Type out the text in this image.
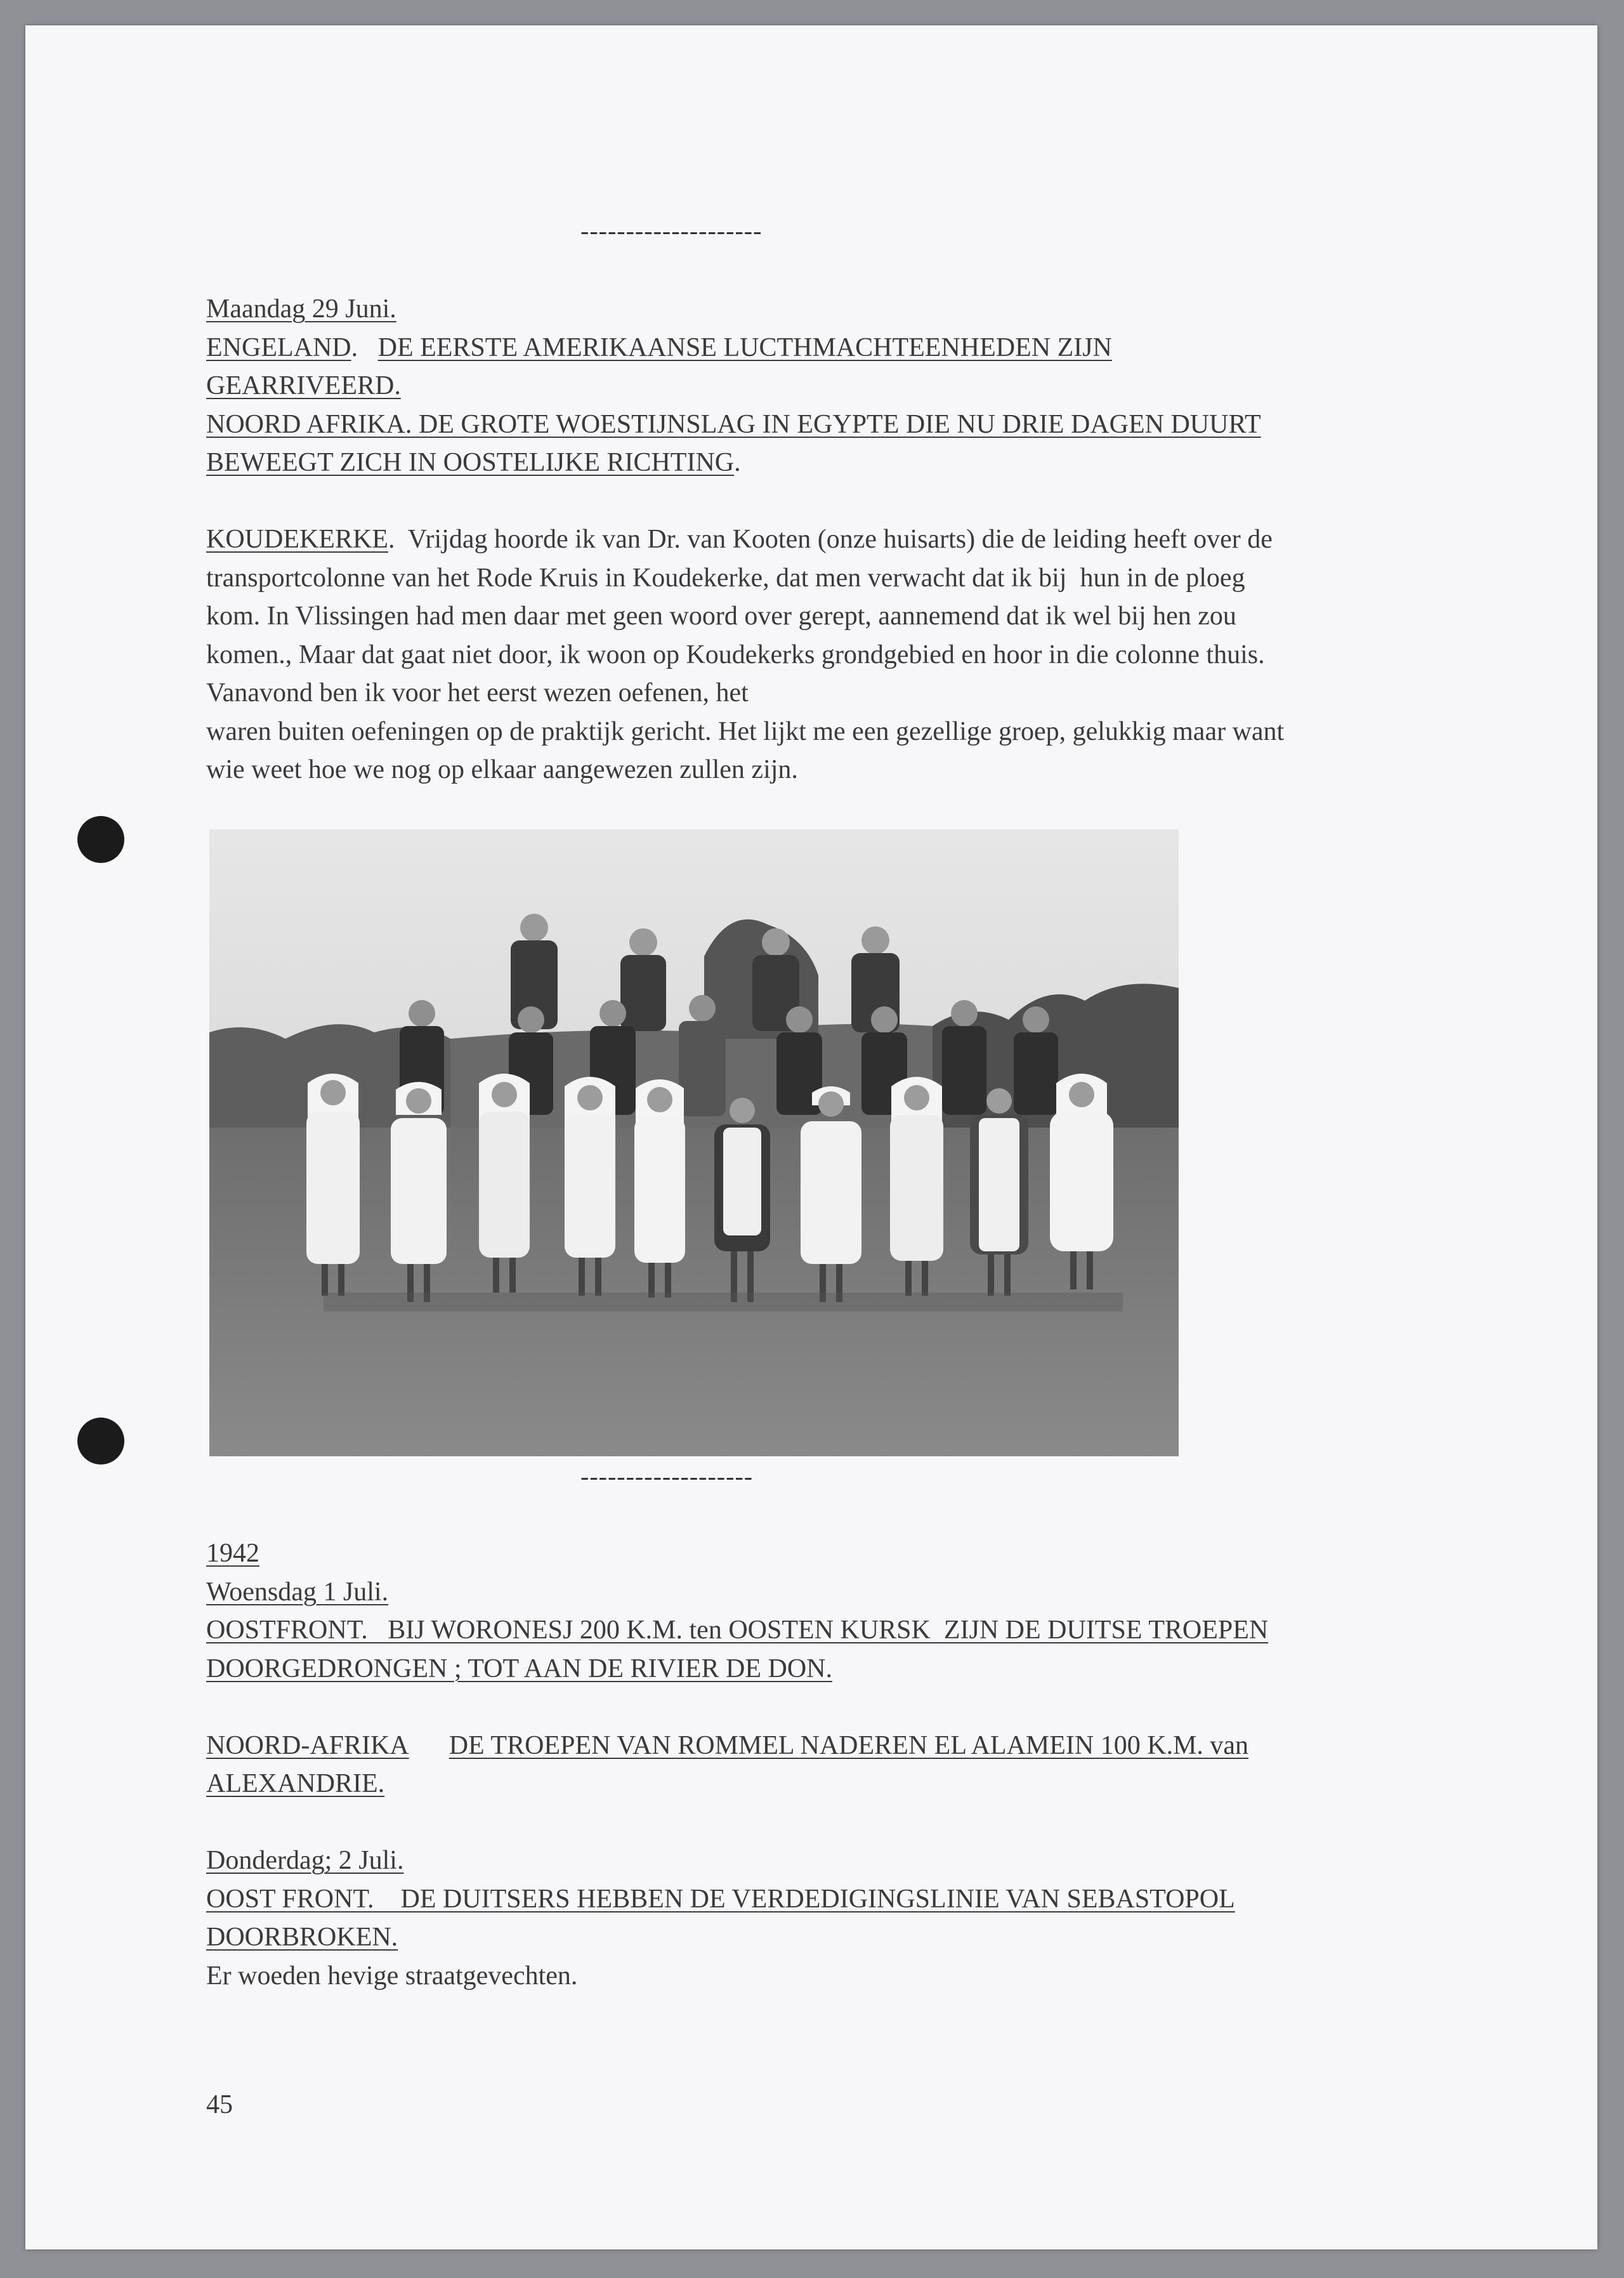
--------------------

Maandag 29 Juni.

ENGELAND.   DE EERSTE AMERIKAANSE LUCTHMACHTEENHEDEN ZIJN

GEARRIVEERD.

NOORD AFRIKA. DE GROTE WOESTIJNSLAG IN EGYPTE DIE NU DRIE DAGEN DUURT

BEWEEGT ZICH IN OOSTELIJKE RICHTING.

KOUDEKERKE.  Vrijdag hoorde ik van Dr. van Kooten (onze huisarts) die de leiding heeft over de

transportcolonne van het Rode Kruis in Koudekerke, dat men verwacht dat ik bij  hun in de ploeg

kom. In Vlissingen had men daar met geen woord over gerept, aannemend dat ik wel bij hen zou

komen., Maar dat gaat niet door, ik woon op Koudekerks grondgebied en hoor in die colonne thuis.

Vanavond ben ik voor het eerst wezen oefenen, het

waren buiten oefeningen op de praktijk gericht. Het lijkt me een gezellige groep, gelukkig maar want

wie weet hoe we nog op elkaar aangewezen zullen zijn.

-------------------

1942

Woensdag 1 Juli.

OOSTFRONT.   BIJ WORONESJ 200 K.M. ten OOSTEN KURSK  ZIJN DE DUITSE TROEPEN

DOORGEDRONGEN ; TOT AAN DE RIVIER DE DON.

NOORD-AFRIKA DE TROEPEN VAN ROMMEL NADEREN EL ALAMEIN 100 K.M. van

ALEXANDRIE.

Donderdag; 2 Juli.

OOST FRONT.    DE DUITSERS HEBBEN DE VERDEDIGINGSLINIE VAN SEBASTOPOL

DOORBROKEN.

Er woeden hevige straatgevechten.

45
